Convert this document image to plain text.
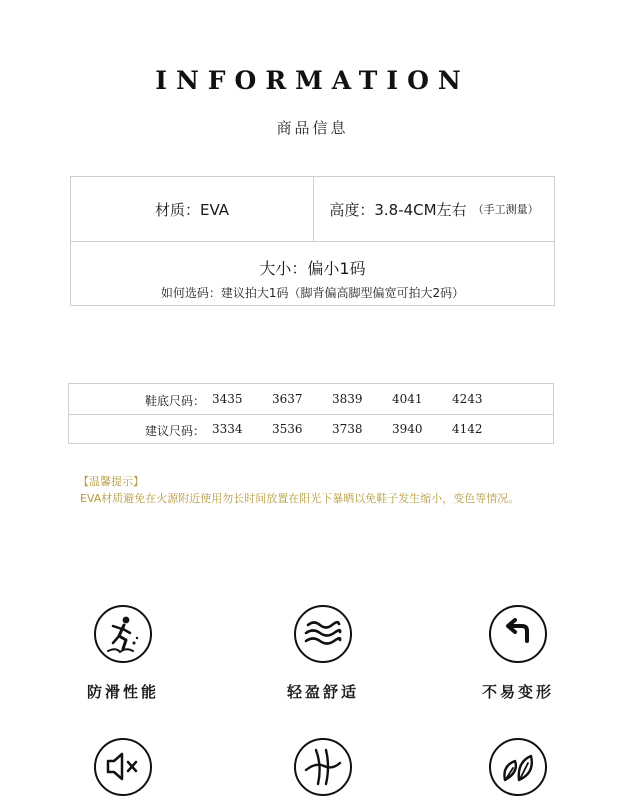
INFORMATION
商品信息
材质：EVA	高度：3.8-4CM左右 （手工测量）
大小：偏小1码
如何选码：建议拍大1码（脚背偏高脚型偏宽可拍大2码）
鞋底尺码： 3435 3637 3839 4041 4243
建议尺码： 3334 3536 3738 3940 4142
【温馨提示】
EVA材质避免在火源附近使用勿长时间放置在阳光下暴晒以免鞋子发生缩小，变色等情况。
防滑性能	轻盈舒适	不易变形
